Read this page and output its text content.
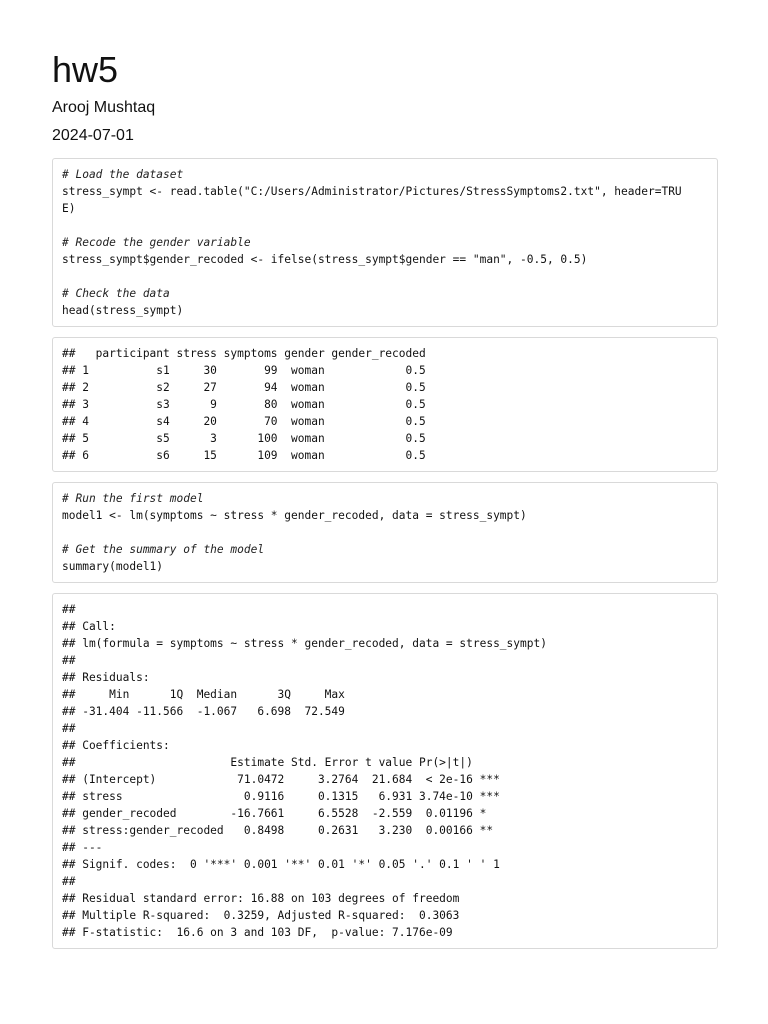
hw5
Arooj Mushtaq
2024-07-01
# Load the dataset
stress_sympt <- read.table("C:/Users/Administrator/Pictures/StressSymptoms2.txt", header=TRU
E)
# Recode the gender variable
stress_sympt$gender_recoded <- ifelse(stress_sympt$gender == "man", -0.5, 0.5)
# Check the data
head(stress_sympt)
##   participant stress symptoms gender gender_recoded
## 1          s1     30       99  woman            0.5
## 2          s2     27       94  woman            0.5
## 3          s3      9       80  woman            0.5
## 4          s4     20       70  woman            0.5
## 5          s5      3      100  woman            0.5
## 6          s6     15      109  woman            0.5
# Run the first model
model1 <- lm(symptoms ~ stress * gender_recoded, data = stress_sympt)
# Get the summary of the model
summary(model1)
##
## Call:
## lm(formula = symptoms ~ stress * gender_recoded, data = stress_sympt)
##
## Residuals:
##     Min      1Q  Median      3Q     Max
## -31.404 -11.566  -1.067   6.698  72.549
##
## Coefficients:
##                       Estimate Std. Error t value Pr(>|t|)
## (Intercept)            71.0472     3.2764  21.684  < 2e-16 ***
## stress                  0.9116     0.1315   6.931 3.74e-10 ***
## gender_recoded        -16.7661     6.5528  -2.559  0.01196 *
## stress:gender_recoded   0.8498     0.2631   3.230  0.00166 **
## ---
## Signif. codes:  0 '***' 0.001 '**' 0.01 '*' 0.05 '.' 0.1 ' ' 1
##
## Residual standard error: 16.88 on 103 degrees of freedom
## Multiple R-squared:  0.3259, Adjusted R-squared:  0.3063
## F-statistic:  16.6 on 3 and 103 DF,  p-value: 7.176e-09
